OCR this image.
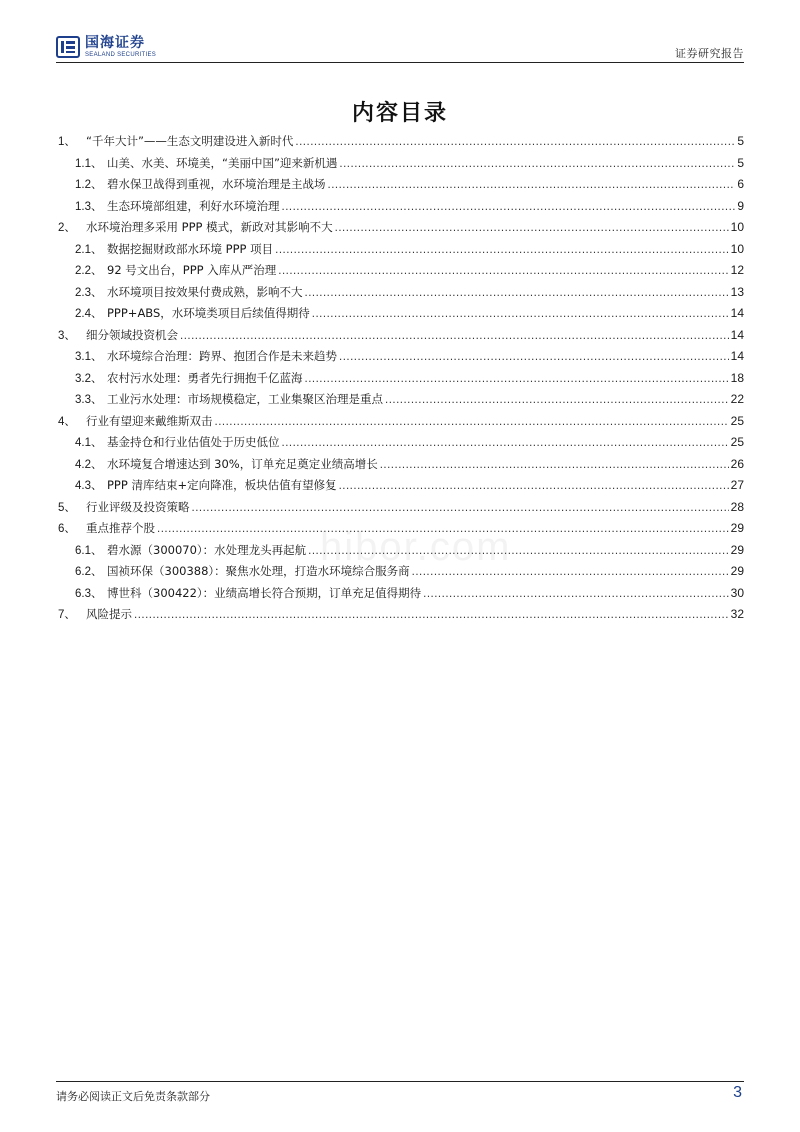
国海证券
SEALAND SECURITIES	证券研究报告
内容目录
1、 “千年大计”——生态文明建设进入新时代 .....	5
1.1、 山美、水美、环境美，“美丽中国”迎来新机遇 .....	5
1.2、 碧水保卫战得到重视，水环境治理是主战场 .....	6
1.3、 生态环境部组建，利好水环境治理 .....	9
2、 水环境治理多采用 PPP 模式，新政对其影响不大 .....	10
2.1、 数据挖掘财政部水环境 PPP 项目 .....	10
2.2、 92 号文出台，PPP 入库从严治理 .....	12
2.3、 水环境项目按效果付费成熟，影响不大 .....	13
2.4、 PPP+ABS，水环境类项目后续值得期待 .....	14
3、 细分领域投资机会 .....	14
3.1、 水环境综合治理：跨界、抱团合作是未来趋势 .....	14
3.2、 农村污水处理：勇者先行拥抱千亿蓝海 .....	18
3.3、 工业污水处理：市场规模稳定，工业集聚区治理是重点 .....	22
4、 行业有望迎来戴维斯双击 .....	25
4.1、 基金持仓和行业估值处于历史低位 .....	25
4.2、 水环境复合增速达到 30%，订单充足奠定业绩高增长 .....	26
4.3、 PPP 清库结束+定向降准，板块估值有望修复 .....	27
5、 行业评级及投资策略 .....	28
6、 重点推荐个股 .....	29
6.1、 碧水源（300070）：水处理龙头再起航 .....	29
6.2、 国祯环保（300388）：聚焦水处理，打造水环境综合服务商 .....	29
6.3、 博世科（300422）：业绩高增长符合预期，订单充足值得期待 .....	30
7、 风险提示 .....	32
hibor.com
请务必阅读正文后免责条款部分	3
